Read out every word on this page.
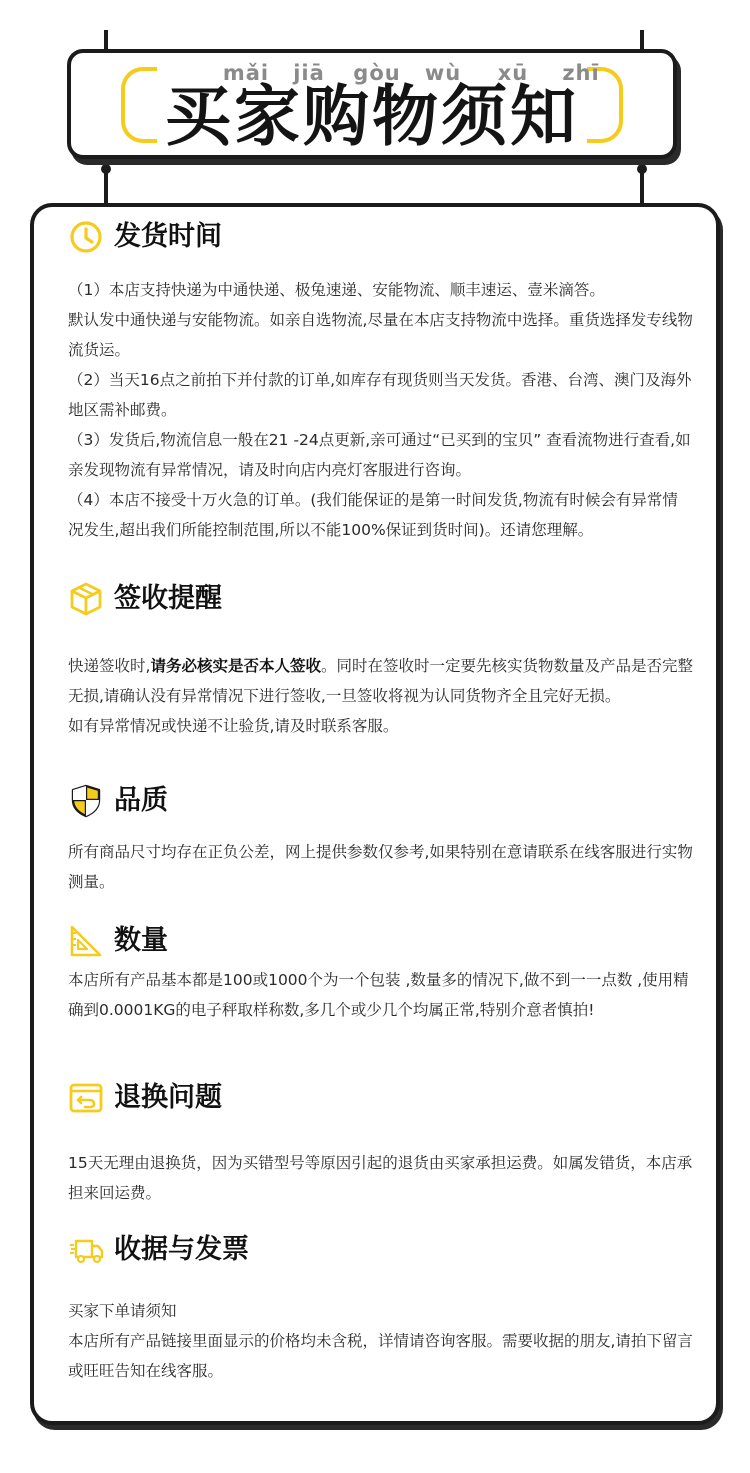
mǎi	jiā	gòu	wù	xū	zhī
买家购物须知
发货时间

（1）本店支持快递为中通快递、极兔速递、安能物流、顺丰速运、壹米滴答。

默认发中通快递与安能物流。如亲自选物流,尽量在本店支持物流中选择。重货选择发专线物流货运。

（2）当天16点之前拍下并付款的订单,如库存有现货则当天发货。香港、台湾、澳门及海外地区需补邮费。

（3）发货后,物流信息一般在21 -24点更新,亲可通过“已买到的宝贝” 查看流物进行查看,如亲发现物流有异常情况，请及时向店内亮灯客服进行咨询。

（4）本店不接受十万火急的订单。(我们能保证的是第一时间发货,物流有时候会有异常情况发生,超出我们所能控制范围,所以不能100%保证到货时间)。还请您理解。

签收提醒

快递签收时,请务必核实是否本人签收。同时在签收时一定要先核实货物数量及产品是否完整无损,请确认没有异常情况下进行签收,一旦签收将视为认同货物齐全且完好无损。

如有异常情况或快递不让验货,请及时联系客服。

品质

所有商品尺寸均存在正负公差，网上提供参数仅参考,如果特别在意请联系在线客服进行实物测量。

数量

本店所有产品基本都是100或1000个为一个包装 ,数量多的情况下,做不到一一点数 ,使用精确到0.0001KG的电子秤取样称数,多几个或少几个均属正常,特别介意者慎拍!

退换问题

15天无理由退换货，因为买错型号等原因引起的退货由买家承担运费。如属发错货，本店承担来回运费。

收据与发票

买家下单请须知

本店所有产品链接里面显示的价格均未含税，详情请咨询客服。需要收据的朋友,请拍下留言或旺旺告知在线客服。
